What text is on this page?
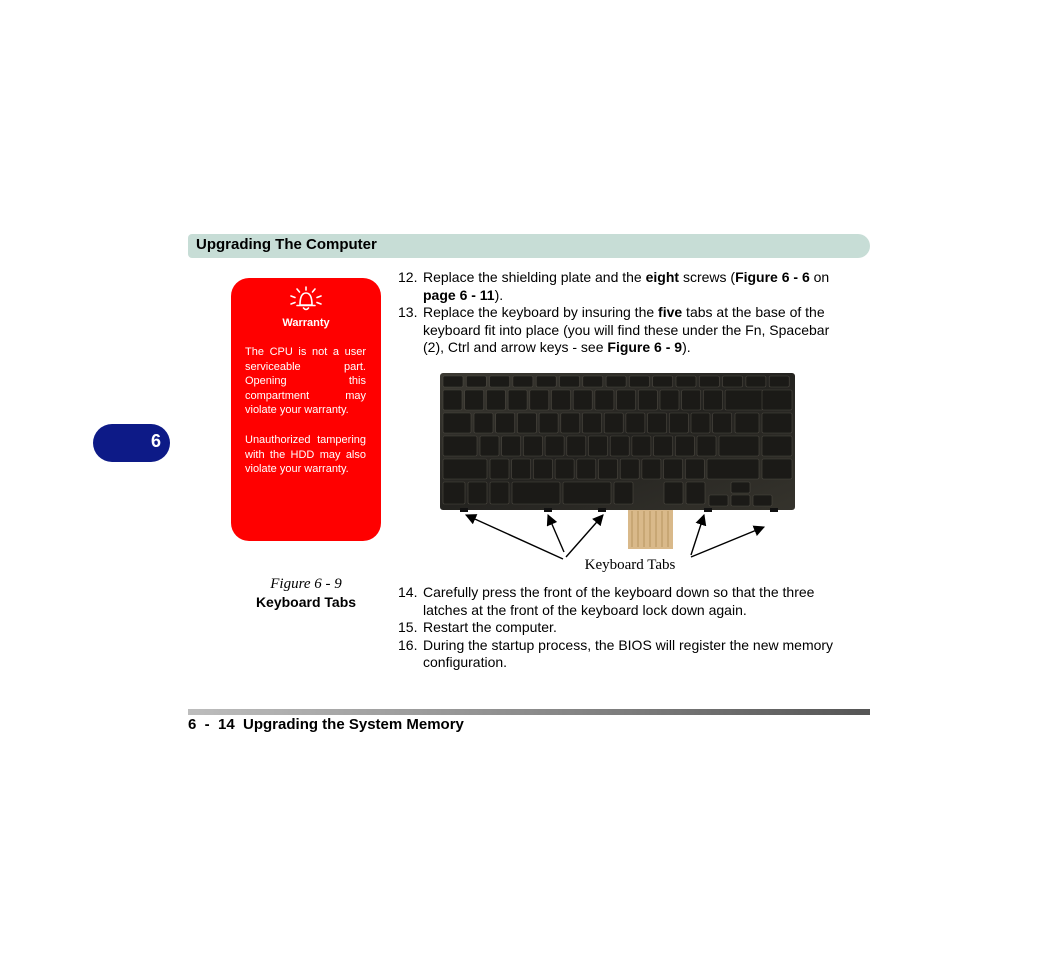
Upgrading The Computer
6
Warranty

The CPU is not a user serviceable part. Opening this compartment may violate your warranty.

Unauthorized tampering with the HDD may also violate your warranty.

Figure 6 - 9
Keyboard Tabs
12. Replace the shielding plate and the eight screws (Figure 6 - 6 on page 6 - 11).
13. Replace the keyboard by insuring the five tabs at the base of the keyboard fit into place (you will find these under the Fn, Spacebar (2), Ctrl and arrow keys - see Figure 6 - 9).
Keyboard Tabs
14. Carefully press the front of the keyboard down so that the three latches at the front of the keyboard lock down again.
15. Restart the computer.
16. During the startup process, the BIOS will register the new memory configuration.
6  -  14  Upgrading the System Memory
